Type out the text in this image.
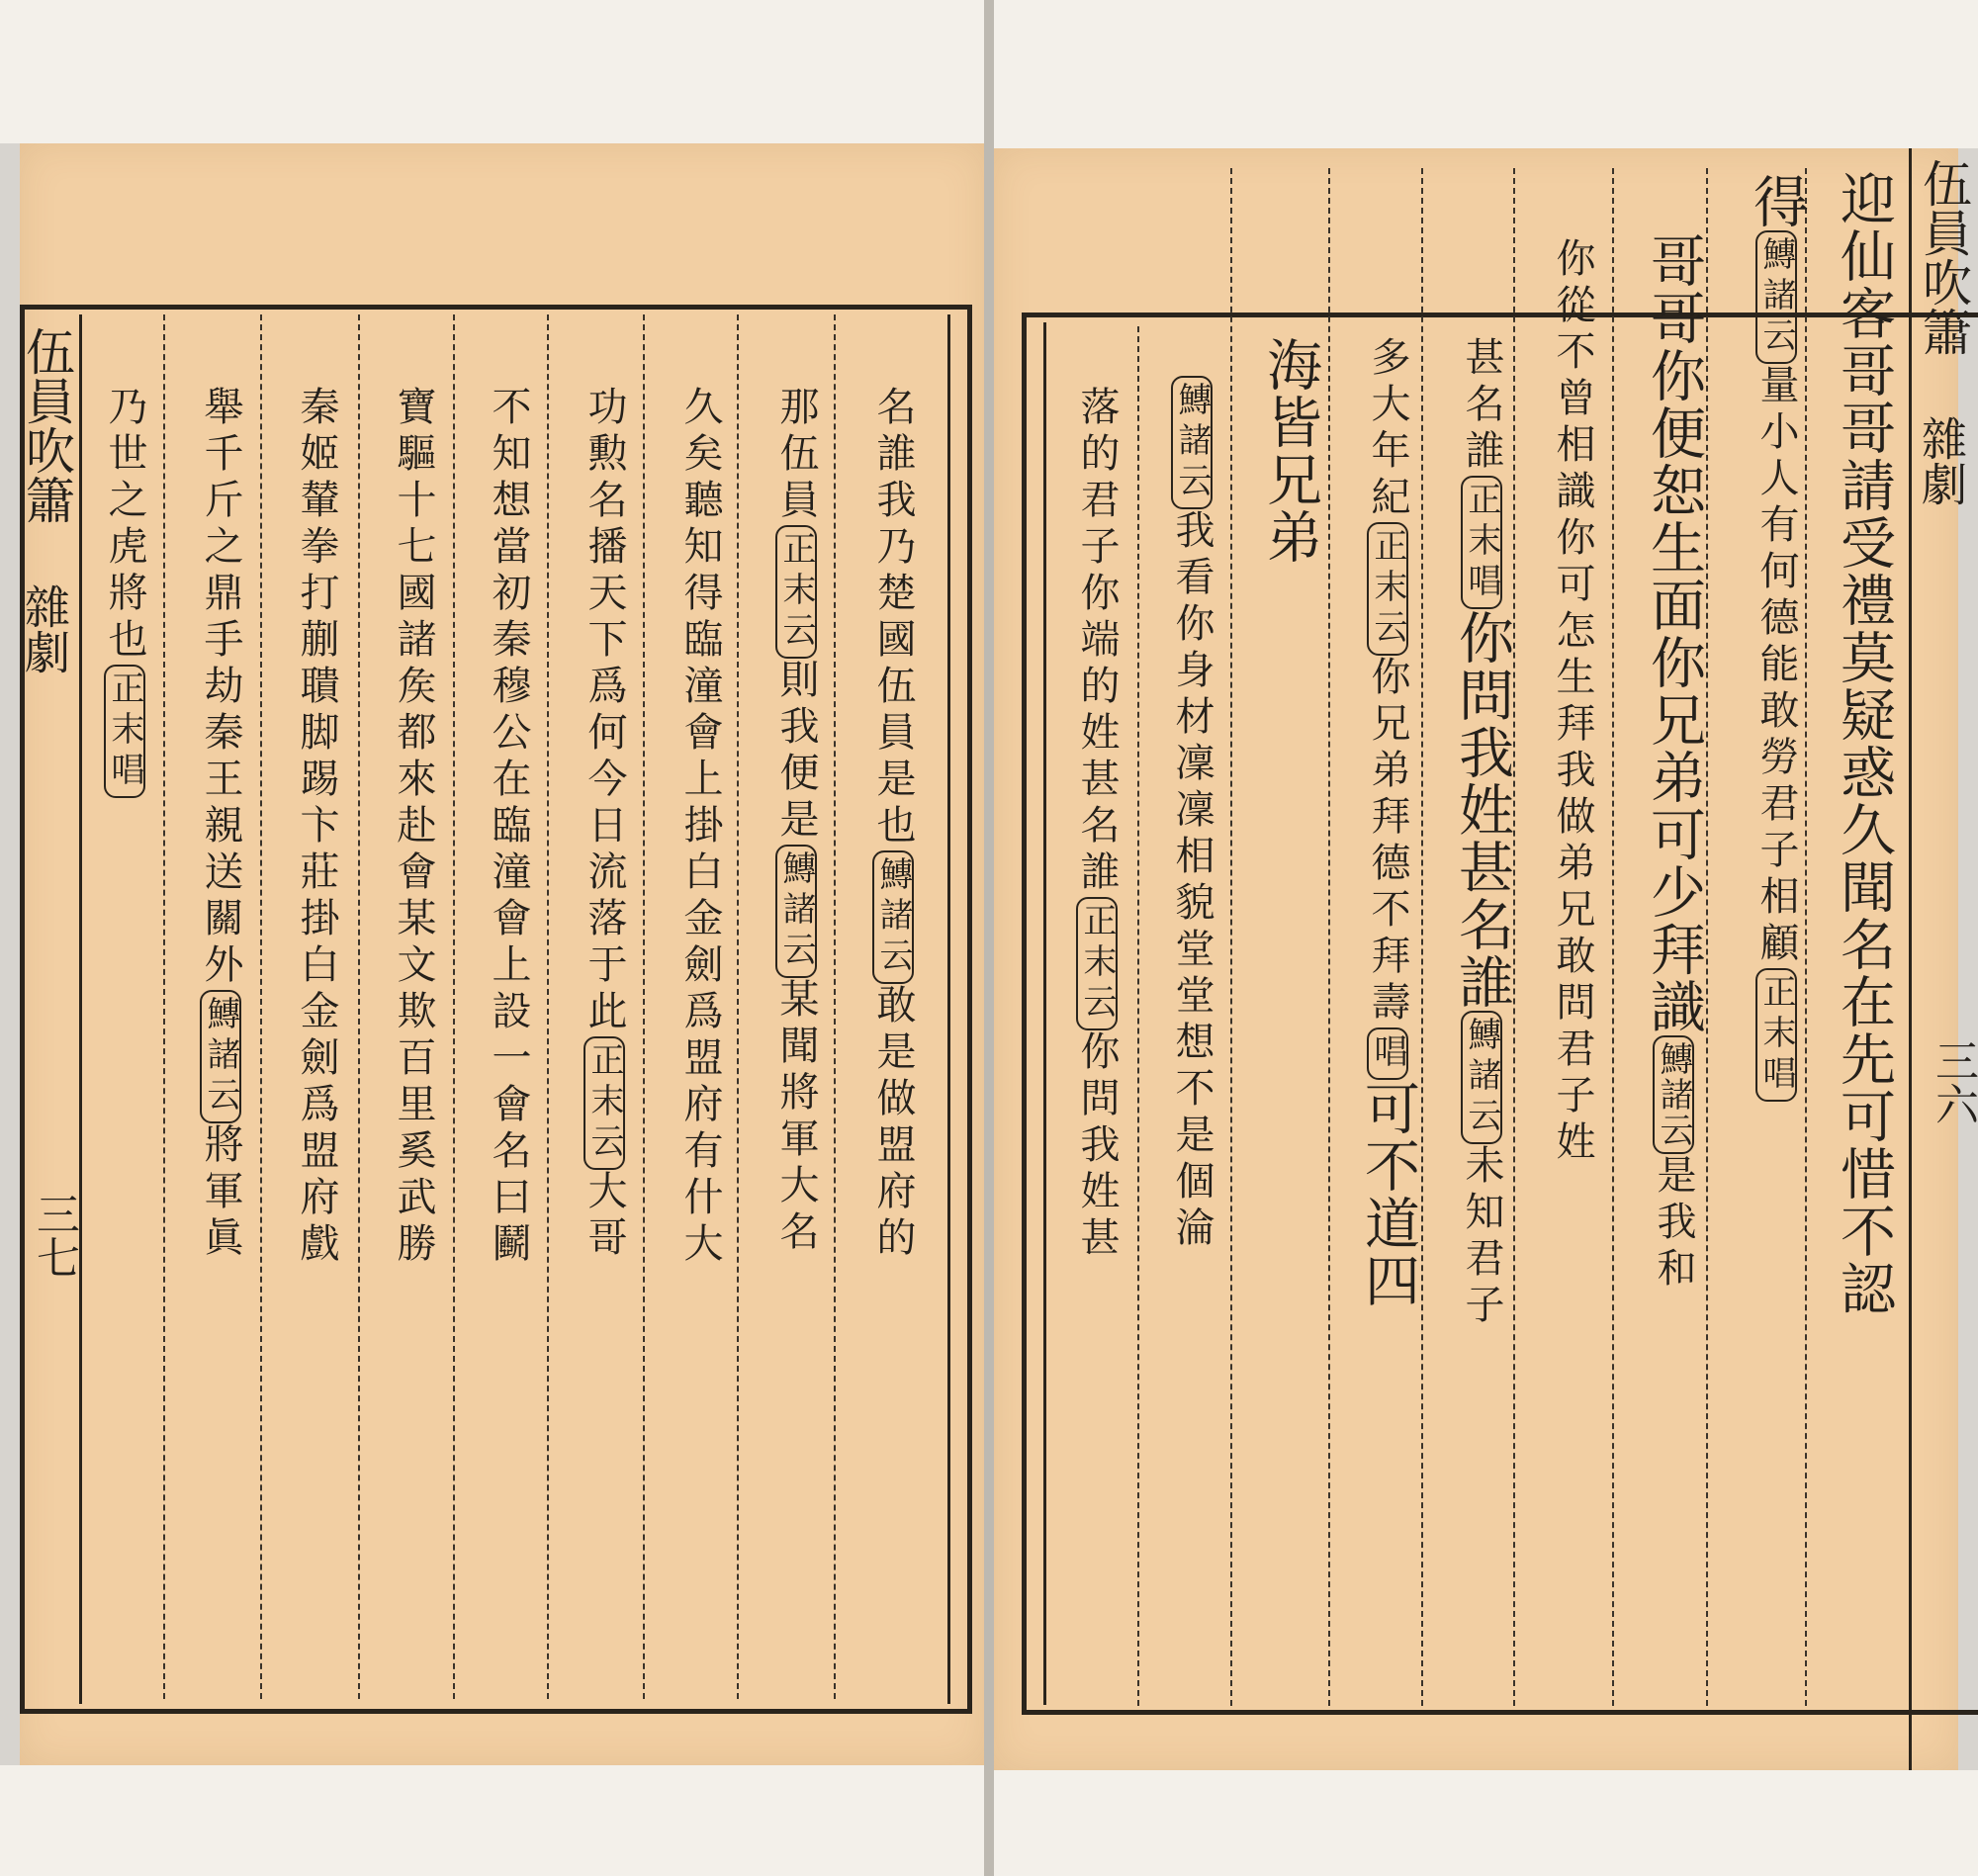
伍員吹簫
雜劇
三七
名誰我乃楚國伍員是也鱄諸云敢是做盟府的
那伍員正末云則我便是鱄諸云某聞將軍大名
久矣聽知得臨潼會上掛白金劍爲盟府有什大
功勲名播天下爲何今日流落于此正末云大哥
不知想當初秦穆公在臨潼會上設一會名曰鬬
寶驅十七國諸矦都來赴會某文欺百里奚武勝
秦姬輦拳打蒯聵脚踢卞莊掛白金劍爲盟府戲
舉千斤之鼎手劫秦王親送關外鱄諸云將軍眞
乃世之虎將也正末唱
伍員吹簫
雜劇
三六
迎仙客哥哥請受禮莫疑惑久聞名在先可惜不認
得鱄諸云量小人有何德能敢勞君子相顧正末唱
哥哥你便恕生面你兄弟可少拜識鱄諸云是我和
你從不曾相識你可怎生拜我做弟兄敢問君子姓
甚名誰正末唱你問我姓甚名誰鱄諸云未知君子
多大年紀正末云你兄弟拜德不拜壽唱可不道四
海皆兄弟
鱄諸云我看你身材凜凜相貌堂堂想不是個淪
落的君子你端的姓甚名誰正末云你問我姓甚
